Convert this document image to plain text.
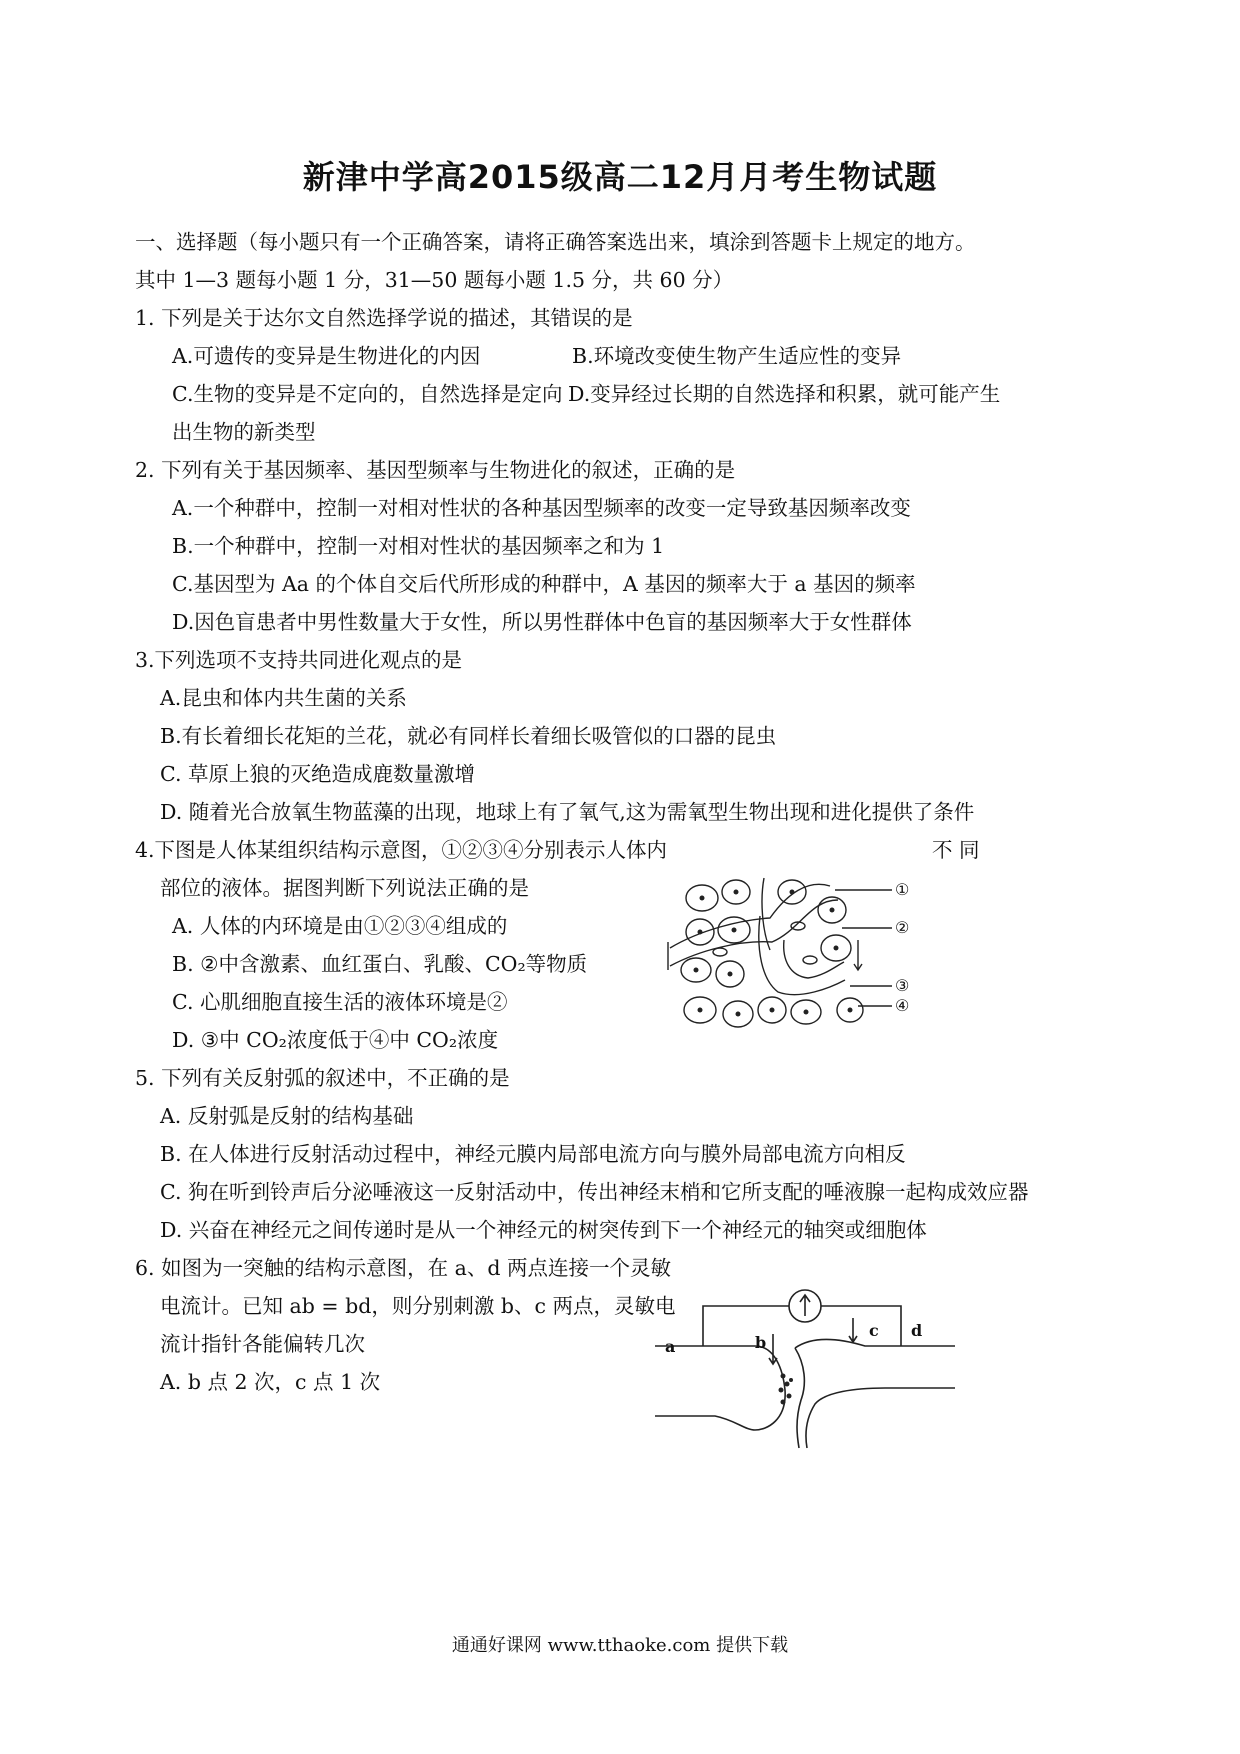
新津中学高2015级高二12月月考生物试题
一、选择题（每小题只有一个正确答案，请将正确答案选出来，填涂到答题卡上规定的地方。
其中 1—3 题每小题 1 分，31—50 题每小题 1.5 分，共 60 分）
1. 下列是关于达尔文自然选择学说的描述，其错误的是
A.可遗传的变异是生物进化的内因	B.环境改变使生物产生适应性的变异
C.生物的变异是不定向的，自然选择是定向 D.变异经过长期的自然选择和积累，就可能产生
出生物的新类型
2. 下列有关于基因频率、基因型频率与生物进化的叙述，正确的是
A.一个种群中，控制一对相对性状的各种基因型频率的改变一定导致基因频率改变
B.一个种群中，控制一对相对性状的基因频率之和为 1
C.基因型为 Aa 的个体自交后代所形成的种群中，A 基因的频率大于 a 基因的频率
D.因色盲患者中男性数量大于女性，所以男性群体中色盲的基因频率大于女性群体
3.下列选项不支持共同进化观点的是
A.昆虫和体内共生菌的关系
B.有长着细长花矩的兰花，就必有同样长着细长吸管似的口器的昆虫
C. 草原上狼的灭绝造成鹿数量激增
D. 随着光合放氧生物蓝藻的出现，地球上有了氧气,这为需氧型生物出现和进化提供了条件
4.下图是人体某组织结构示意图，①②③④分别表示人体内	不 同
部位的液体。据图判断下列说法正确的是
A. 人体的内环境是由①②③④组成的
B. ②中含激素、血红蛋白、乳酸、CO₂等物质
C. 心肌细胞直接生活的液体环境是②
D. ③中 CO₂浓度低于④中 CO₂浓度
①
②
③
④
5. 下列有关反射弧的叙述中，不正确的是
A. 反射弧是反射的结构基础
B. 在人体进行反射活动过程中，神经元膜内局部电流方向与膜外局部电流方向相反
C. 狗在听到铃声后分泌唾液这一反射活动中，传出神经末梢和它所支配的唾液腺一起构成效应器
D. 兴奋在神经元之间传递时是从一个神经元的树突传到下一个神经元的轴突或细胞体
6. 如图为一突触的结构示意图，在 a、d 两点连接一个灵敏
电流计。已知 ab = bd，则分别刺激 b、c 两点，灵敏电
流计指针各能偏转几次
A. b 点 2 次，c 点 1 次
a	b
c d
通通好课网 www.tthaoke.com 提供下载
